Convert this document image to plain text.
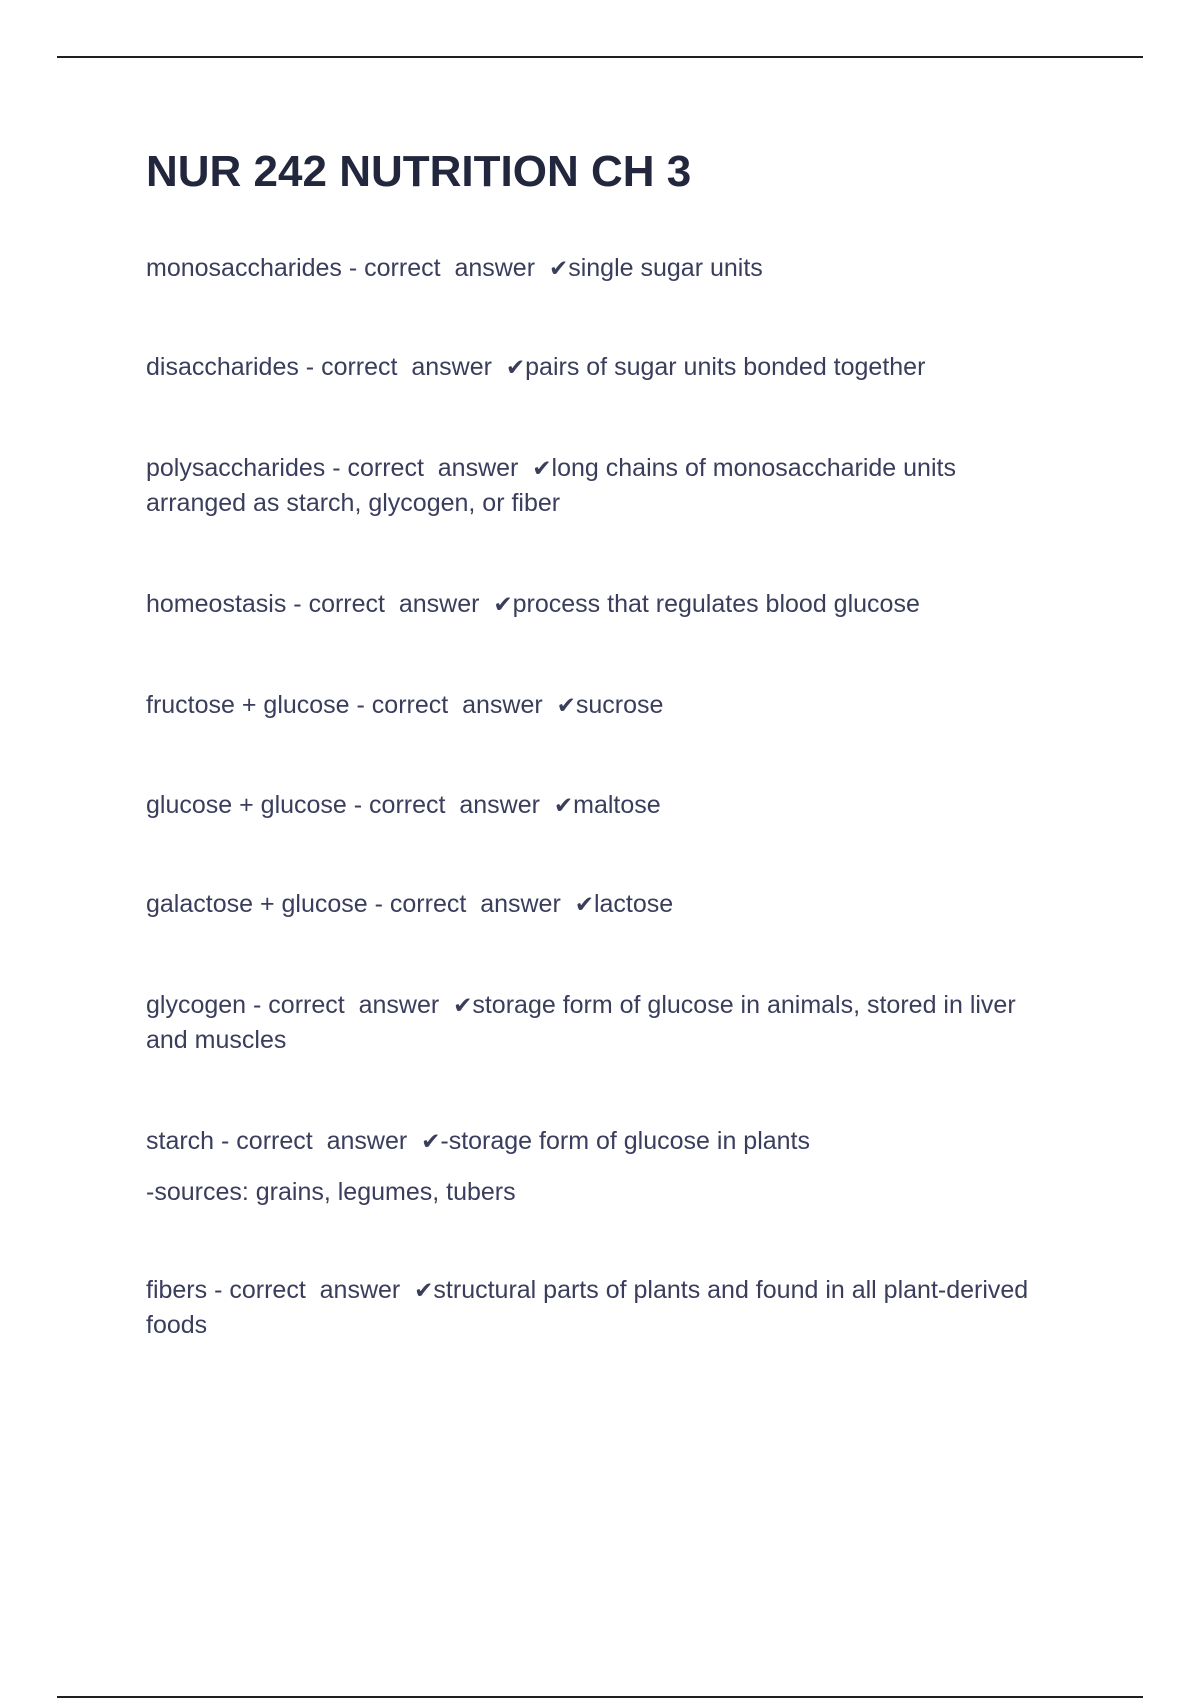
NUR 242 NUTRITION CH 3

monosaccharides - correct  answer  ✔single sugar units

disaccharides - correct  answer  ✔pairs of sugar units bonded together

polysaccharides - correct  answer  ✔long chains of monosaccharide units arranged as starch, glycogen, or fiber

homeostasis - correct  answer  ✔process that regulates blood glucose

fructose + glucose - correct  answer  ✔sucrose

glucose + glucose - correct  answer  ✔maltose

galactose + glucose - correct  answer  ✔lactose

glycogen - correct  answer  ✔storage form of glucose in animals, stored in liver and muscles

starch - correct  answer  ✔-storage form of glucose in plants
-sources: grains, legumes, tubers

fibers - correct  answer  ✔structural parts of plants and found in all plant-derived foods
